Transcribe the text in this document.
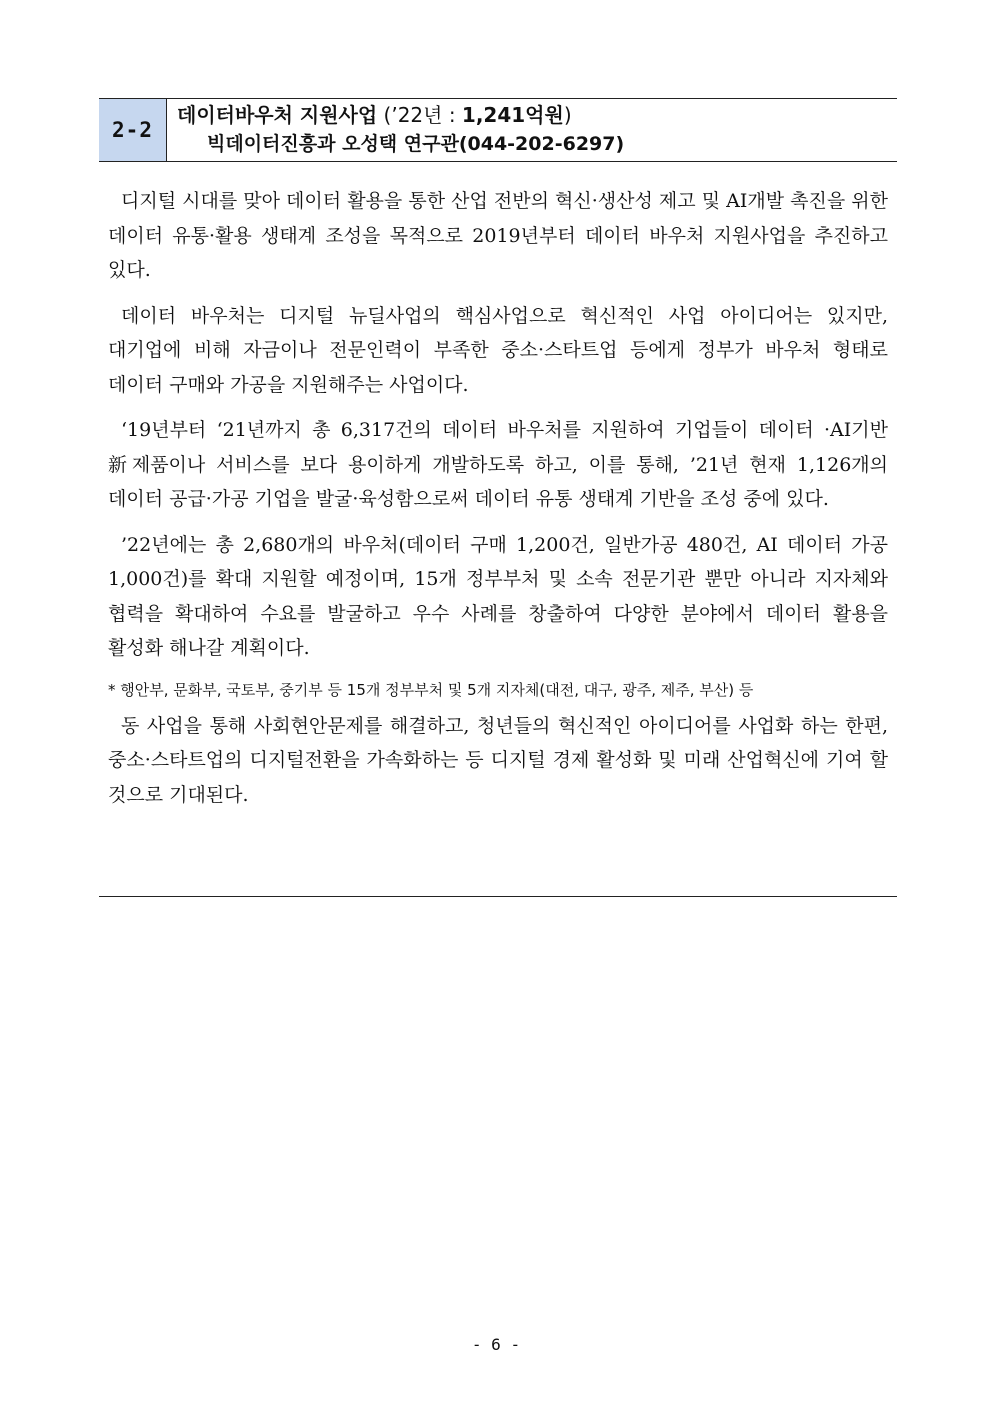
2-2
데이터바우처 지원사업 (’22년 : 1,241억원)
빅데이터진흥과 오성택 연구관(044-202-6297)

디지털 시대를 맞아 데이터 활용을 통한 산업 전반의 혁신·생산성 제고 및 AI개발 촉진을 위한 데이터 유통·활용 생태계 조성을 목적으로 2019년부터 데이터 바우처 지원사업을 추진하고 있다.

데이터 바우처는 디지털 뉴딜사업의 핵심사업으로 혁신적인 사업 아이디어는 있지만, 대기업에 비해 자금이나 전문인력이 부족한 중소·스타트업 등에게 정부가 바우처 형태로 데이터 구매와 가공을 지원해주는 사업이다.

‘19년부터 ‘21년까지 총 6,317건의 데이터 바우처를 지원하여 기업들이 데이터 ·AI기반 新제품이나 서비스를 보다 용이하게 개발하도록 하고, 이를 통해, ’21년 현재 1,126개의 데이터 공급·가공 기업을 발굴·육성함으로써 데이터 유통 생태계 기반을 조성 중에 있다.

’22년에는 총 2,680개의 바우처(데이터 구매 1,200건, 일반가공 480건, AI 데이터 가공 1,000건)를 확대 지원할 예정이며, 15개 정부부처 및 소속 전문기관 뿐만 아니라 지자체와 협력을 확대하여 수요를 발굴하고 우수 사례를 창출하여 다양한 분야에서 데이터 활용을 활성화 해나갈 계획이다.

* 행안부, 문화부, 국토부, 중기부 등 15개 정부부처 및 5개 지자체(대전, 대구, 광주, 제주, 부산) 등

동 사업을 통해 사회현안문제를 해결하고, 청년들의 혁신적인 아이디어를 사업화 하는 한편, 중소·스타트업의 디지털전환을 가속화하는 등 디지털 경제 활성화 및 미래 산업혁신에 기여 할 것으로 기대된다.

- 6 -
